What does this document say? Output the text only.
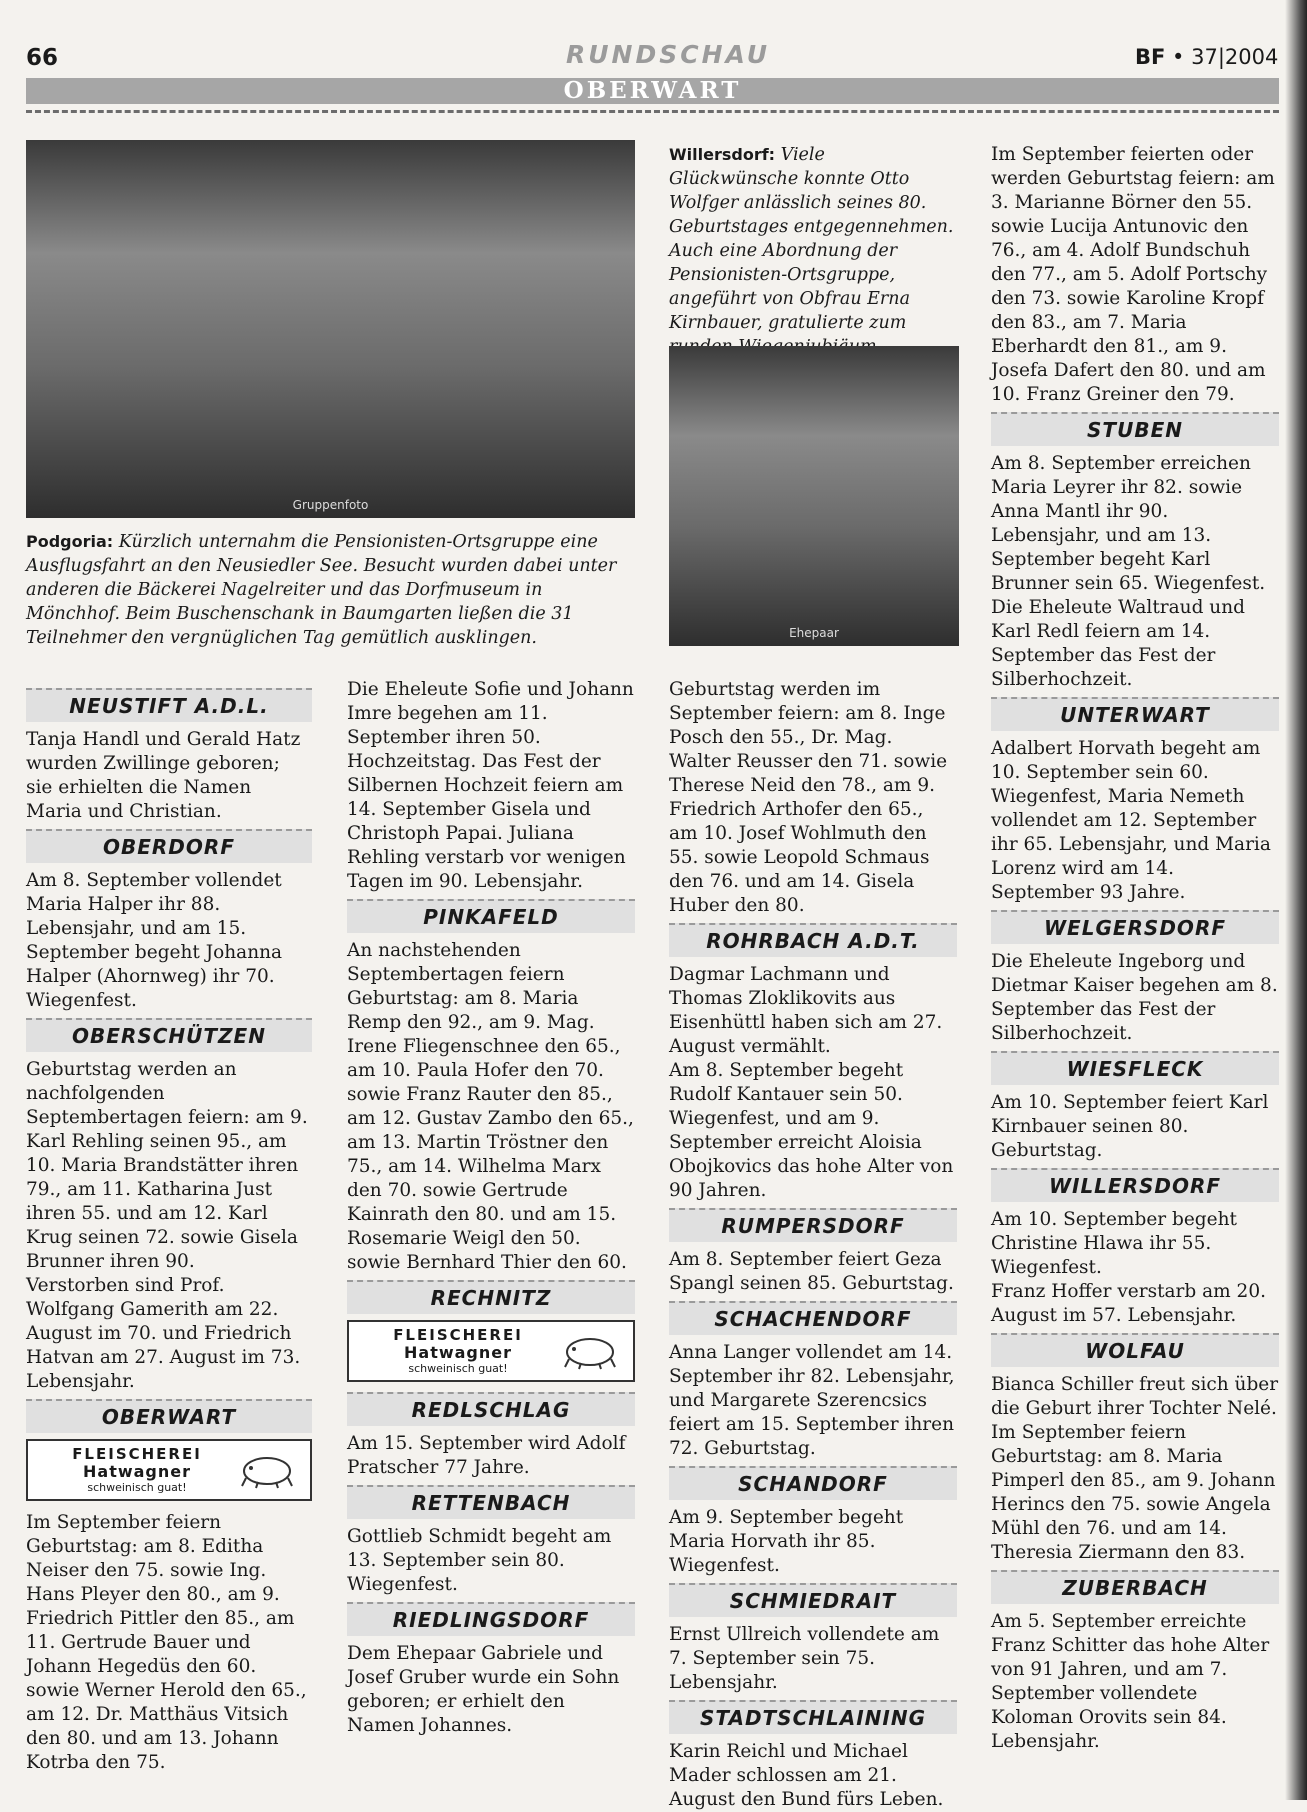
66	RUNDSCHAU	BF • 37|2004
OBERWART
Gruppenfoto
Podgoria: Kürzlich unternahm die Pensionisten-Ortsgruppe eine Ausflugsfahrt an den Neusiedler See. Besucht wurden dabei unter anderen die Bäckerei Nagelreiter und das Dorfmuseum in Mönchhof. Beim Buschenschank in Baumgarten ließen die 31 Teilnehmer den vergnüglichen Tag gemütlich ausklingen.
Willersdorf: Viele Glückwünsche konnte Otto Wolfger anlässlich seines 80. Geburtstages entgegennehmen. Auch eine Abordnung der Pensionisten-Ortsgruppe, angeführt von Obfrau Erna Kirnbauer, gratulierte zum
Ehepaar
NEUSTIFT A.D.L.

Tanja Handl und Gerald Hatz wurden Zwillinge geboren; sie erhielten die Namen Maria und Christian.

OBERDORF

Am 8. September vollendet Maria Halper ihr 88. Lebensjahr, und am 15. September begeht Johanna Halper (Ahornweg) ihr 70. Wiegenfest.

OBERSCHÜTZEN

Geburtstag werden an nachfolgenden Septembertagen feiern: am 9. Karl Rehling seinen 95., am 10. Maria Brandstätter ihren 79., am 11. Katharina Just ihren 55. und am 12. Karl Krug seinen 72. sowie Gisela Brunner ihren 90.

Verstorben sind Prof. Wolfgang Gamerith am 22. August im 70. und Friedrich Hatvan am 27. August im 73. Lebensjahr.

OBERWART
FLEISCHEREI
Hatwagner
schweinisch guat!

Im September feiern Geburtstag: am 8. Editha Neiser den 75. sowie Ing. Hans Pleyer den 80., am 9. Friedrich Pittler den 85., am 11. Gertrude Bauer und Johann Hegedüs den 60. sowie Werner Herold den 65., am 12. Dr. Matthäus Vitsich den 80. und am 13. Johann Kotrba den 75.

Die Eheleute Sofie und Johann Imre begehen am 11. September ihren 50. Hochzeitstag. Das Fest der Silbernen Hochzeit feiern am 14. September Gisela und Christoph Papai. Juliana Rehling verstarb vor wenigen Tagen im 90. Lebensjahr.

PINKAFELD

An nachstehenden Septembertagen feiern Geburtstag: am 8. Maria Remp den 92., am 9. Mag. Irene Fliegenschnee den 65., am 10. Paula Hofer den 70. sowie Franz Rauter den 85., am 12. Gustav Zambo den 65., am 13. Martin Tröstner den 75., am 14. Wilhelma Marx den 70. sowie Gertrude Kainrath den 80. und am 15. Rosemarie Weigl den 50. sowie Bernhard Thier den 60.

RECHNITZ
FLEISCHEREI
Hatwagner
schweinisch guat!
REDLSCHLAG

Am 15. September wird Adolf Pratscher 77 Jahre.

RETTENBACH

Gottlieb Schmidt begeht am 13. September sein 80. Wiegenfest.

RIEDLINGSDORF

Dem Ehepaar Gabriele und Josef Gruber wurde ein Sohn geboren; er erhielt den Namen Johannes.

Geburtstag werden im September feiern: am 8. Inge Posch den 55., Dr. Mag. Walter Reusser den 71. sowie Therese Neid den 78., am 9. Friedrich Arthofer den 65., am 10. Josef Wohlmuth den 55. sowie Leopold Schmaus den 76. und am 14. Gisela Huber den 80.

ROHRBACH A.D.T.

Dagmar Lachmann und Thomas Zloklikovits aus Eisenhüttl haben sich am 27. August vermählt.

Am 8. September begeht Rudolf Kantauer sein 50. Wiegenfest, und am 9. September erreicht Aloisia Obojkovics das hohe Alter von 90 Jahren.

RUMPERSDORF

Am 8. September feiert Geza Spangl seinen 85. Geburtstag.

SCHACHENDORF

Anna Langer vollendet am 14. September ihr 82. Lebensjahr, und Margarete Szerencsics feiert am 15. September ihren 72. Geburtstag.

SCHANDORF

Am 9. September begeht Maria Horvath ihr 85. Wiegenfest.

SCHMIEDRAIT

Ernst Ullreich vollendete am 7. September sein 75. Lebensjahr.

STADTSCHLAINING

Karin Reichl und Michael Mader schlossen am 21. August den Bund fürs Leben.

Im September feierten oder werden Geburtstag feiern: am 3. Marianne Börner den 55. sowie Lucija Antunovic den 76., am 4. Adolf Bundschuh den 77., am 5. Adolf Portschy den 73. sowie Karoline Kropf den 83., am 7. Maria Eberhardt den 81., am 9. Josefa Dafert den 80. und am 10. Franz Greiner den 79.

STUBEN

Am 8. September erreichen Maria Leyrer ihr 82. sowie Anna Mantl ihr 90. Lebensjahr, und am 13. September begeht Karl Brunner sein 65. Wiegenfest.

Die Eheleute Waltraud und Karl Redl feiern am 14. September das Fest der Silberhochzeit.

UNTERWART

Adalbert Horvath begeht am 10. September sein 60. Wiegenfest, Maria Nemeth vollendet am 12. September ihr 65. Lebensjahr, und Maria Lorenz wird am 14. September 93 Jahre.

WELGERSDORF

Die Eheleute Ingeborg und Dietmar Kaiser begehen am 8. September das Fest der Silberhochzeit.

WIESFLECK

Am 10. September feiert Karl Kirnbauer seinen 80. Geburtstag.

WILLERSDORF

Am 10. September begeht Christine Hlawa ihr 55. Wiegenfest.

Franz Hoffer verstarb am 20. August im 57. Lebensjahr.

WOLFAU

Bianca Schiller freut sich über die Geburt ihrer Tochter Nelé. Im September feiern Geburtstag: am 8. Maria Pimperl den 85., am 9. Johann Herincs den 75. sowie Angela Mühl den 76. und am 14. Theresia Ziermann den 83.

ZUBERBACH

Am 5. September erreichte Franz Schitter das hohe Alter von 91 Jahren, und am 7. September vollendete Koloman Orovits sein 84. Lebensjahr.
